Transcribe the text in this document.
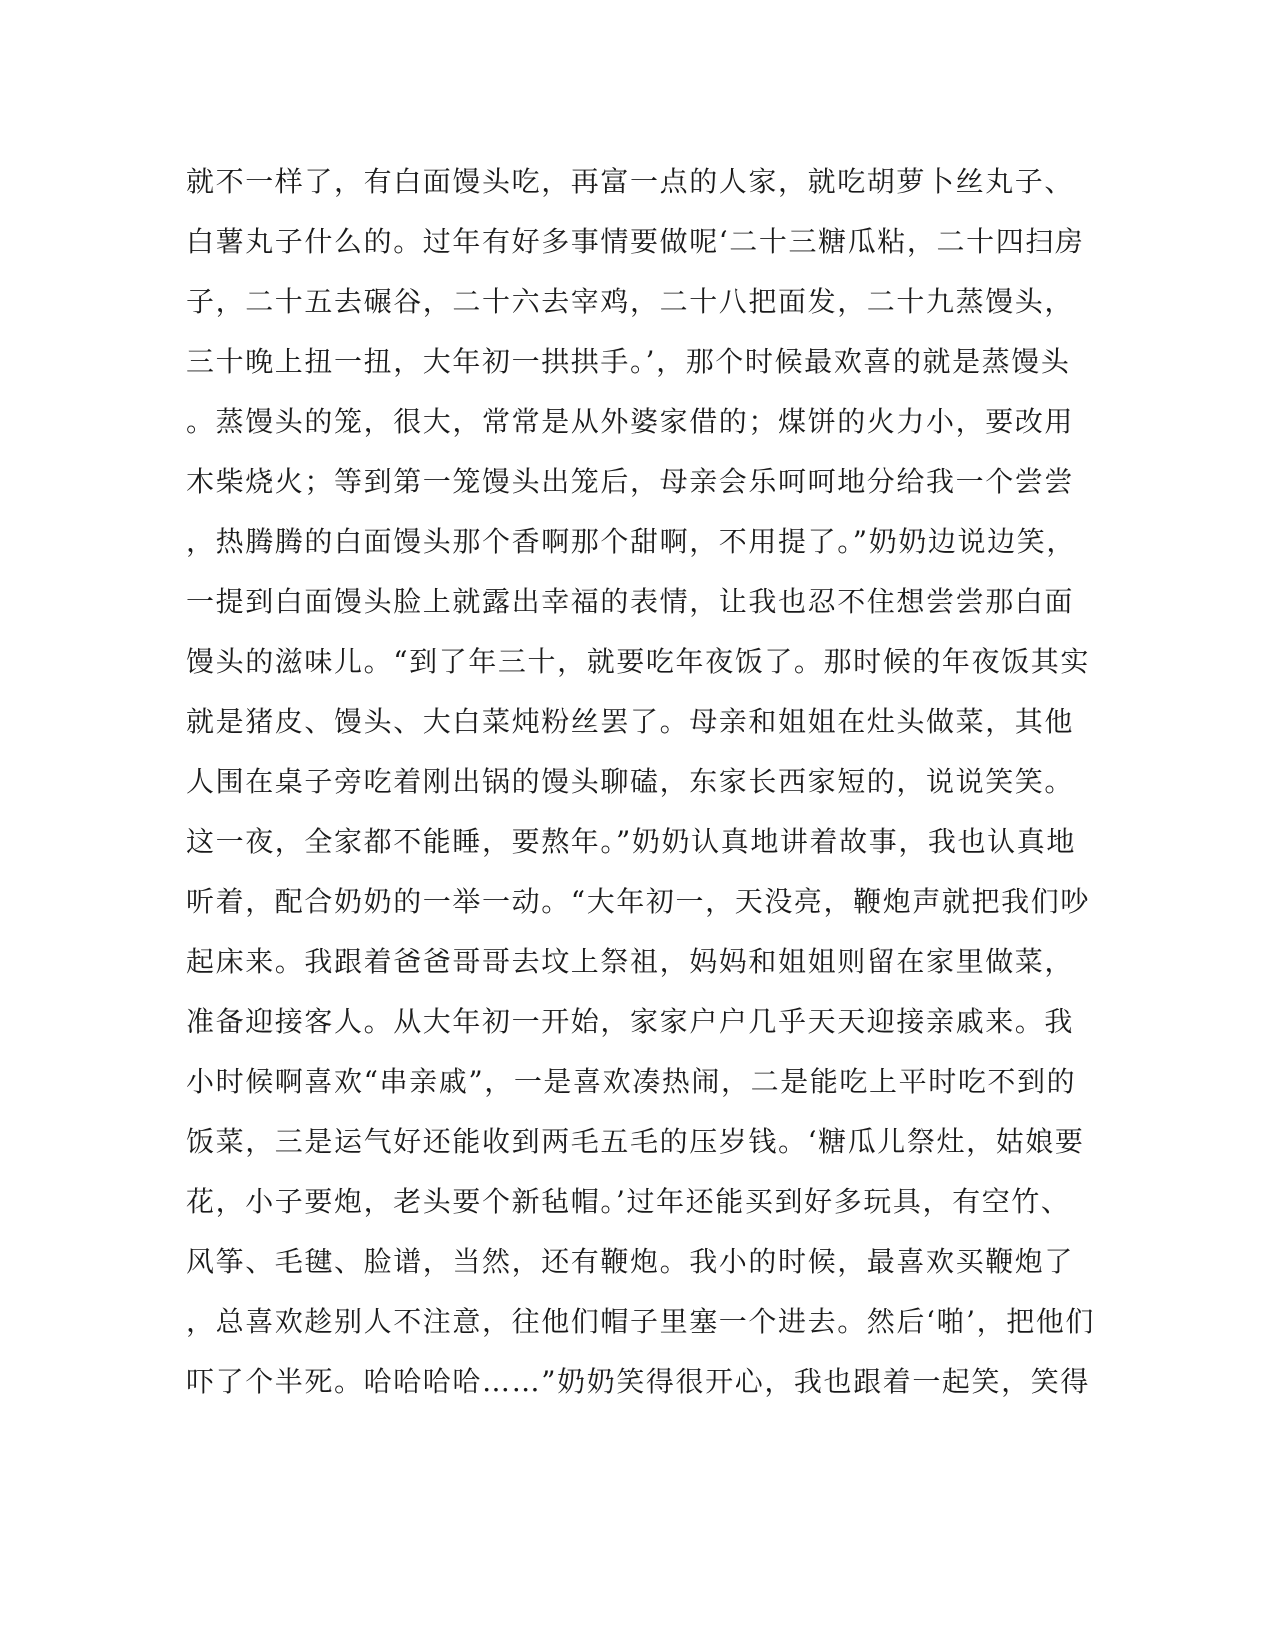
就不一样了，有白面馒头吃，再富一点的人家，就吃胡萝卜丝丸子、
白薯丸子什么的。过年有好多事情要做呢‘二十三糖瓜粘，二十四扫房
子，二十五去碾谷，二十六去宰鸡，二十八把面发，二十九蒸馒头，
三十晚上扭一扭，大年初一拱拱手。’，那个时候最欢喜的就是蒸馒头
。蒸馒头的笼，很大，常常是从外婆家借的；煤饼的火力小，要改用
木柴烧火；等到第一笼馒头出笼后，母亲会乐呵呵地分给我一个尝尝
，热腾腾的白面馒头那个香啊那个甜啊，不用提了。”奶奶边说边笑，
一提到白面馒头脸上就露出幸福的表情，让我也忍不住想尝尝那白面
馒头的滋味儿。“到了年三十，就要吃年夜饭了。那时候的年夜饭其实
就是猪皮、馒头、大白菜炖粉丝罢了。母亲和姐姐在灶头做菜，其他
人围在桌子旁吃着刚出锅的馒头聊磕，东家长西家短的，说说笑笑。
这一夜，全家都不能睡，要熬年。”奶奶认真地讲着故事，我也认真地
听着，配合奶奶的一举一动。“大年初一，天没亮，鞭炮声就把我们吵
起床来。我跟着爸爸哥哥去坟上祭祖，妈妈和姐姐则留在家里做菜，
准备迎接客人。从大年初一开始，家家户户几乎天天迎接亲戚来。我
小时候啊喜欢“串亲戚”，一是喜欢凑热闹，二是能吃上平时吃不到的
饭菜，三是运气好还能收到两毛五毛的压岁钱。‘糖瓜儿祭灶，姑娘要
花，小子要炮，老头要个新毡帽。’过年还能买到好多玩具，有空竹、
风筝、毛毽、脸谱，当然，还有鞭炮。我小的时候，最喜欢买鞭炮了
，总喜欢趁别人不注意，往他们帽子里塞一个进去。然后‘啪’，把他们
吓了个半死。哈哈哈哈……”奶奶笑得很开心，我也跟着一起笑，笑得
